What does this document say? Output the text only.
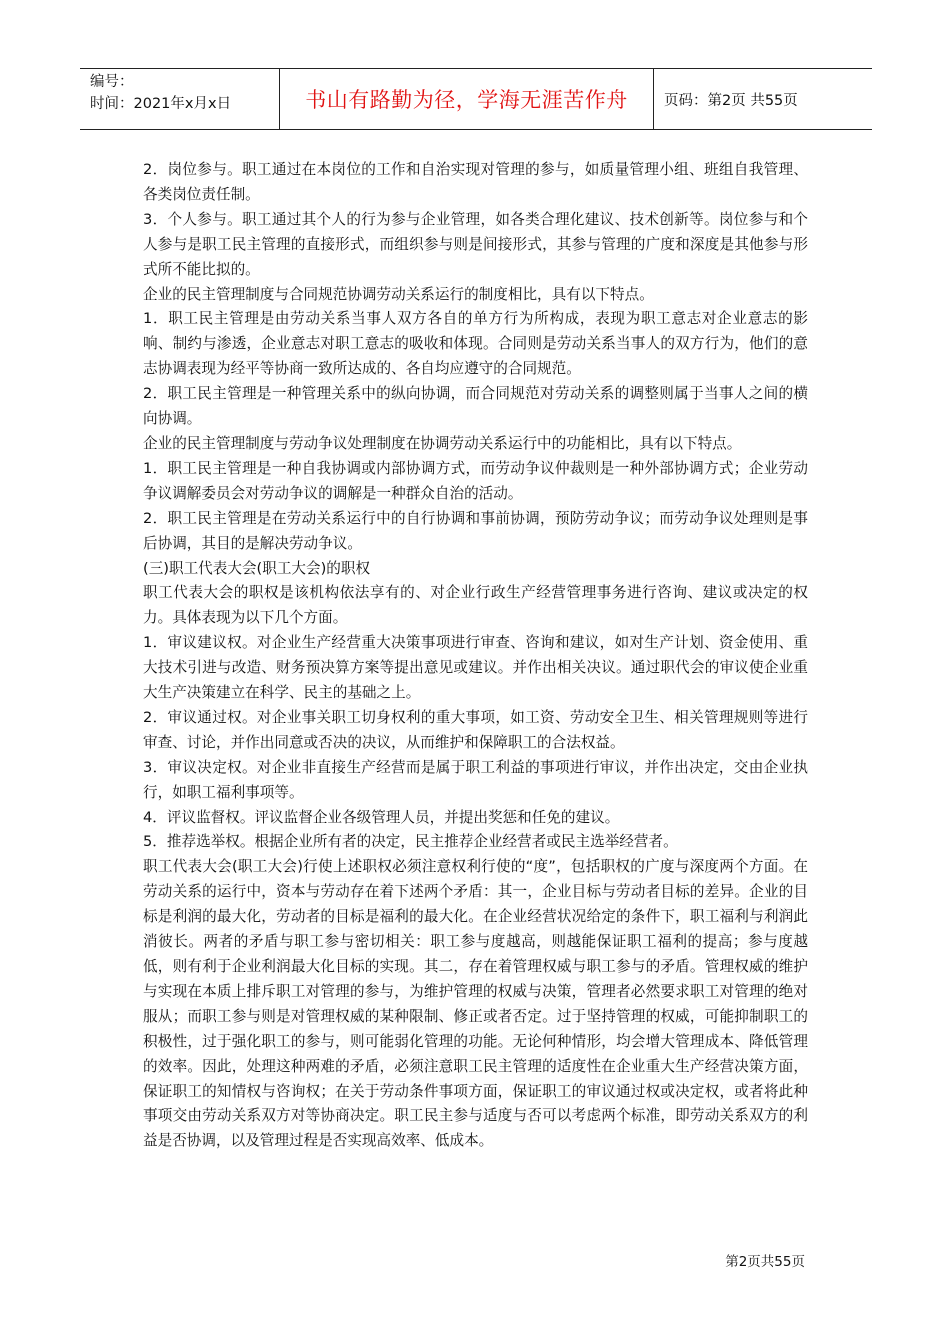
编号：
时间：2021年x月x日	书山有路勤为径，学海无涯苦作舟	页码：第2页 共55页

2．岗位参与。职工通过在本岗位的工作和自治实现对管理的参与，如质量管理小组、班组自我管理、各类岗位责任制。

3．个人参与。职工通过其个人的行为参与企业管理，如各类合理化建议、技术创新等。岗位参与和个人参与是职工民主管理的直接形式，而组织参与则是间接形式，其参与管理的广度和深度是其他参与形式所不能比拟的。

企业的民主管理制度与合同规范协调劳动关系运行的制度相比，具有以下特点。

1．职工民主管理是由劳动关系当事人双方各自的单方行为所构成，表现为职工意志对企业意志的影响、制约与渗透，企业意志对职工意志的吸收和体现。合同则是劳动关系当事人的双方行为，他们的意志协调表现为经平等协商一致所达成的、各自均应遵守的合同规范。

2．职工民主管理是一种管理关系中的纵向协调，而合同规范对劳动关系的调整则属于当事人之间的横向协调。

企业的民主管理制度与劳动争议处理制度在协调劳动关系运行中的功能相比，具有以下特点。

1．职工民主管理是一种自我协调或内部协调方式，而劳动争议仲裁则是一种外部协调方式；企业劳动争议调解委员会对劳动争议的调解是一种群众自治的活动。

2．职工民主管理是在劳动关系运行中的自行协调和事前协调，预防劳动争议；而劳动争议处理则是事后协调，其目的是解决劳动争议。

(三)职工代表大会(职工大会)的职权

职工代表大会的职权是该机构依法享有的、对企业行政生产经营管理事务进行咨询、建议或决定的权力。具体表现为以下几个方面。

1．审议建议权。对企业生产经营重大决策事项进行审查、咨询和建议，如对生产计划、资金使用、重大技术引进与改造、财务预决算方案等提出意见或建议。并作出相关决议。通过职代会的审议使企业重大生产决策建立在科学、民主的基础之上。

2．审议通过权。对企业事关职工切身权利的重大事项，如工资、劳动安全卫生、相关管理规则等进行审查、讨论，并作出同意或否决的决议，从而维护和保障职工的合法权益。

3．审议决定权。对企业非直接生产经营而是属于职工利益的事项进行审议，并作出决定，交由企业执行，如职工福利事项等。

4．评议监督权。评议监督企业各级管理人员，并提出奖惩和任免的建议。

5．推荐选举权。根据企业所有者的决定，民主推荐企业经营者或民主选举经营者。

职工代表大会(职工大会)行使上述职权必须注意权利行使的“度”，包括职权的广度与深度两个方面。在劳动关系的运行中，资本与劳动存在着下述两个矛盾：其一，企业目标与劳动者目标的差异。企业的目标是利润的最大化，劳动者的目标是福利的最大化。在企业经营状况给定的条件下，职工福利与利润此消彼长。两者的矛盾与职工参与密切相关：职工参与度越高，则越能保证职工福利的提高；参与度越低，则有利于企业利润最大化目标的实现。其二，存在着管理权威与职工参与的矛盾。管理权威的维护与实现在本质上排斥职工对管理的参与，为维护管理的权威与决策，管理者必然要求职工对管理的绝对服从；而职工参与则是对管理权威的某种限制、修正或者否定。过于坚持管理的权威，可能抑制职工的积极性，过于强化职工的参与，则可能弱化管理的功能。无论何种情形，均会增大管理成本、降低管理的效率。因此，处理这种两难的矛盾，必须注意职工民主管理的适度性在企业重大生产经营决策方面，保证职工的知情权与咨询权；在关于劳动条件事项方面，保证职工的审议通过权或决定权，或者将此种事项交由劳动关系双方对等协商决定。职工民主参与适度与否可以考虑两个标准，即劳动关系双方的利益是否协调，以及管理过程是否实现高效率、低成本。

第2页共55页
